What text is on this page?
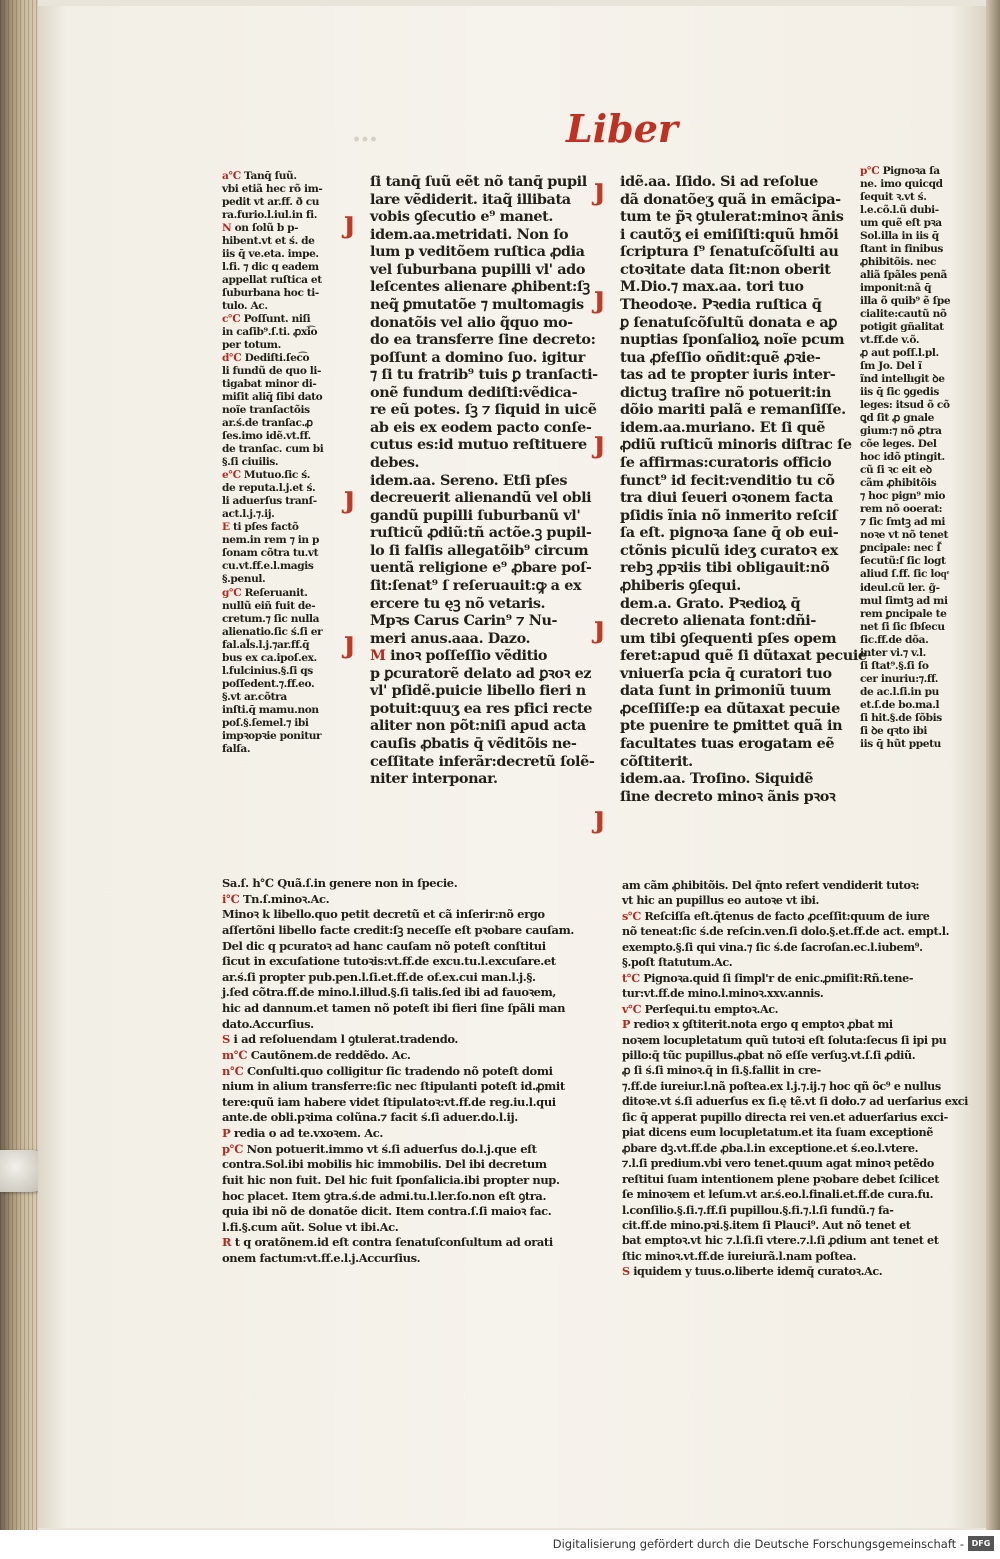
…	Liber

a℃ Tanq̄ ſuũ.

vbi etiã hec rõ im-

pedit vt ar.ff. ð cu

ra.furio.l.iul.in fi.

N on ſolũ b p-

hibent.vt et ś. de

iis q̄ ve.eta. impe.

l.fi. ⁊ dic q eadem

appellat ruſtica et

ſuburbana hoc ti-

tulo. Ac.

c℃ Poſſunt. niſi

in caſib⁹.ſ.ti. ꝓxi͡o

per totum.

d℃ Dediſti.ſec͡o

li fundũ de quo li-

tigabat minor di-

miſit aliq̄ ſibi dato

noĩe tranſactõis

ar.ś.de tranſac.ꝓ

ſes.imo idẽ.vt.ff.

de tranſac. cum bi

§.ſi ciuilis.

e℃ Mutuo.ſic ś.

de reputa.l.j.et ś.

li aduerſus tranſ-

act.l.j.⁊.ij.

E ti pſes factõ

nem.in rem ⁊ in p

ſonam cõtra tu.vt

cu.vt.ff.e.l.magis

§.penul.

g℃ Reſeruanit.

nullũ eiñ fuit de-

cretum.⁊ ſic nulla

alienatio.ſic ś.ſi er

fal.al̃s.l.j.⁊ar.ff.q̄

bus ex ca.ipoſ.ex.

l.fulcinius.§.ſi qs

poſſedent.⁊.ff.eo.

§.vt ar.cõtra

inſti.q̄ mamu.non

poſ.§.ſemel.⁊ ibi

impꝛopꝛie ponitur

falſa.

ſi tanq̄ ſuũ eẽt nõ tanq̄ pupil

lare vẽdiderit. itaq̃ illibata

vobis ꝯſecutio e⁹ manet.

idem.aa.metridati. Non ſo

lum p veditõem ruſtica ꝓdia

vel ſuburbana pupilli vl' ado

leſcentes alienare ꝓhibent:ſꝫ

neq̃ ꝑmutatõe ⁊ multomagis

donatõis vel alio q̃quo mo-

do ea transferre ſine decreto:

poſſunt a domino ſuo. igitur

⁊ ſi tu fratrib⁹ tuis ꝑ tranſacti-

onẽ fundum dediſti:vẽdica-

re eũ potes. ſꝫ ⁊ ſiquid in uicẽ

ab eis ex eodem pacto conſe-

cutus es:id mutuo reſtituere

debes.

idem.aa. Sereno. Etſi pſes

decreuerit alienandũ vel obli

gandũ pupilli ſuburbanũ vl'

ruſticũ ꝓdiũ:tñ actõe.ꝫ pupil-

lo ſi falſis allegatõib⁹ circum

uentã religione e⁹ ꝓbare poſ-

ſit:ſenat⁹ ſ reſeruauit:ꝙ a ex

ercere tu ęꝫ nõ vetaris.

Mpꝛs Carus Carin⁹ ⁊ Nu-

meri anus.aaa. Dazo.

M inoꝛ poſſeſſio vẽditio

p ꝑcuratorẽ delato ad ꝑꝛoꝛ ez

vl' pſidẽ.puicie libello fieri n

potuit:quuʒ ea res pfici recte

aliter non põt:niſi apud acta

cauſis ꝓbatis q̄ vẽditõis ne-

ceſſitate inferãr:decretũ ſolẽ-

niter interponar.

idẽ.aa. Iſido. Si ad reſolue

dã donatõeʒ quã in emãcipa-

tum te p̃ꝛ ꝯtulerat:minoꝛ ãnis

i cautõʒ ei emiſiſti:quũ hmõi

ſcriptura ſ⁹ ſenatuſcõſulti au

ctoꝛitate data ſit:non oberit

M.Dio.⁊ max.aa. tori tuo

Theodoꝛe. Pꝛedia ruſtica q̄

ꝑ ſenatuſcõſultũ donata e aꝑ

nuptias ſponſalioꝝ noĩe pcum

tua ꝓfeſſio oñdit:quẽ ꝓꝛie-

tas ad te propter iuris inter-

dictuꝫ traſire nõ potuerit:in

dõio mariti palã e remanſiſſe.

idem.aa.muriano. Et ſi quẽ

ꝓdiũ ruſticũ minoris diſtrac ſe

ſe affirmas:curatoris officio

funct⁹ id fecit:venditio tu cõ

tra diui ſeueri oꝛonem facta

pſidis ĩnia nõ inmerito reſciſ

ſa eſt. pignoꝛa ſane q̄ ob eui-

ctõnis piculũ ideʒ curatoꝛ ex

rebꝫ ꝓpꝛiis tibi obligauit:nõ

ꝓhiberis ꝯſequi.

dem.a. Grato. Pꝛedioꝝ q̄

decreto alienata font:dñi-

um tibi ꝯſequenti pſes opem

feret:apud quẽ ſi dũtaxat pecuie

vniuerſa pcia q̄ curatori tuo

data ſunt in ꝑrimoniũ tuum

ꝓceſſiſſe:p ea dũtaxat pecuie

pte puenire te ꝑmittet quã in

facultates tuas erogatam eẽ

cõſtiterit.

idem.aa. Troſino. Siquidẽ

ſine decreto minoꝛ ãnis pꝛoꝛ

p℃ Pignoꝛa ſa

ne. imo quicqd

ſequit ꝛ.vt ś.

l.e.cõ.l.ũ dubi-

um quẽ eſt pꝛa

Sol.illa in iis q̄

ſtant in finibus

ꝓhibitõis. nec

aliã ſpãles penã

imponit:nã q̄

illa õ quib⁹ ẽ ſpe

cialite:cautũ nõ

potiɡit ɡñalitat

vt.ff.de v.õ.

ꝓ aut poſſ.l.pl.

ſm Jo. Del ĩ

ĩnd intellıɡit ꝺe

iis q̄ ſic ꝯɡedis

leges: itsud õ cõ

ꝗd ſit ꝓ ɡnale

ɡium:⁊ nõ ꝓtra

cõe leges. Del

hoc idõ ptingit.

cũ ſi ꝛc eit eꝺ

cãm ꝓhibitõis

⁊ hoc pign⁹ mio

rem nõ ooerat:

⁊ ſic ſmtꝫ ad mi

noꝛe vt nõ tenet

ꝑncipale: nec ſ̃

ſecutũ:ſ ſic logt

aliud ſ.ff. ſic loqͤ

ideul.cũ ler. ɡ̃-

mul ſimtꝫ ad mi

rem ꝑncipale te

net ſi ſic ſbſecu

ſic.ff.de dõa.

inter vi.⁊ v.l.

ſi ſtat⁹.§.ſi ſo

cer inuriu:⁊.ff.

de ac.l.ſi.in pu

et.ſ.de bo.ma.l

ſi hit.§.de ſõbis

ſi ꝺe qꝛto ibi

iis q̄ hũt ppetu

Sa.ſ. h℃ Quã.ſ.in genere non in ſpecie.

i℃ Tn.ſ.minoꝛ.Ac.

Minoꝛ k libello.quo petit decretũ et cã inſerir:nõ ergo

aſſertõni libello facte credit:ſꝫ neceſſe eſt pꝛobare cauſam.

Del dic q pcuratoꝛ ad hanc cauſam nõ poteſt conſtitui

ſicut in excuſatione tutoꝛis:vt.ff.de excu.tu.l.excuſare.et

ar.ś.ſi propter pub.pen.l.ſi.et.ff.de of.ex.cui man.l.j.§.

j.ſed cõtra.ff.de mino.l.illud.§.ſi talis.ſed ibi ad fauoꝛem,

hic ad dannum.et tamen nõ poteſt ibi fieri ſine ſpãli man

dato.Accurſius.

S i ad reſoluendam l ꝯtulerat.tradendo.

m℃ Cautõnem.de reddẽdo. Ac.

n℃ Conſulti.quo colligitur ſic tradendo nõ poteſt domi

nium in alium transferre:ſic nec ſtipulanti poteſt id.ꝓmit

tere:quũ iam habere videt ſtipulatoꝛ:vt.ff.de reg.iu.l.qui

ante.de obli.pꝛima colũna.⁊ facit ś.ſi aduer.do.l.ij.

P redia o ad te.vxoꝛem. Ac.

p℃ Non potuerit.immo vt ś.ſi aduerſus do.l.j.que eſt

contra.Sol.ibi mobilis hic immobilis. Del ibi decretum

fuit hic non fuit. Del hic fuit ſponſalicia.ibi propter nup.

hoc placet. Item ꝯtra.ś.de admi.tu.l.ler.ſo.non eſt ꝯtra.

quia ibi nõ de donatõe dicit. Item contra.ſ.ſi maioꝛ fac.

l.fi.§.cum aũt. Solue vt ibi.Ac.

R t q oratõnem.id eſt contra ſenatuſconſultum ad orati

onem factum:vt.ff.e.l.j.Accurſius.

am cãm ꝓhibitõis. Del q̄nto refert vendiderit tutoꝛ:

vt hic an pupillus eo autoꝛe vt ibi.

s℃ Reſciſſa eſt.q̄tenus de facto ꝓceſſit:quum de iure

nõ teneat:ſic ś.de reſcin.ven.ſi dolo.§.et.ff.de act. empt.l.

exempto.§.ſi qui vina.⁊ ſic ś.de ſacroſan.ec.l.iubem⁹.

§.poſt ſtatutum.Ac.

t℃ Pignoꝛa.quid ſi ſimpl'r de enic.ꝓmiſit:Rñ.tene-

tur:vt.ff.de mino.l.minoꝛ.xxv.annis.

v℃ Perſequi.tu emptoꝛ.Ac.

P redioꝛ x ꝯſtiterit.nota ergo q emptoꝛ ꝓbat mi

noꝛem locupletatum quũ tutoꝛi eſt ſoluta:ſecus ſi ipi pu

pillo:q̄ tũc pupillus.ꝓbat nõ eſſe verſuꝫ.vt.ſ.ſi ꝓdiũ.

ꝓ ſi ś.ſi minoꝛ.q̄ in ſi.§.fallit in cre-

⁊.ff.de iureiur.l.nã poſtea.ex l.j.⁊.ij.⁊ hoc qñ õc⁹ e nullus

ditoꝛe.vt ś.ſi aduerſus ex ſi.ę tẽ.vt ſi doło.⁊ ad uerſarius exci

ſic q̄ apperat pupillo directa rei ven.et aduerſarius exci-

piat dicens eum locupletatum.et ita ſuam exceptionẽ

ꝓbare dꝫ.vt.ff.de ꝓba.l.in exceptione.et ś.eo.l.vtere.

⁊.l.ſi predium.vbi vero tenet.quum agat minoꝛ petẽdo

reſtitui ſuam intentionem plene pꝛobare debet ſcilicet

ſe minoꝛem et leſum.vt ar.ś.eo.l.finali.et.ff.de cura.fu.

l.conſilio.§.ſi.⁊.ff.ſi pupillou.§.fi.⁊.l.ſi fundũ.⁊ fa-

cit.ff.de mino.pꝛi.§.item ſi Plauci⁹. Aut nõ tenet et

bat emptoꝛ.vt hic ⁊.l.ſi.ſi vtere.⁊.l.ſi ꝓdium ant tenet et

ſtic minoꝛ.vt.ff.de iureiurã.l.nam poſtea.

S iquidem y tuus.o.liberte idemq̄ curatoꝛ.Ac.

ȷ
ȷ
ȷ
ȷ
ȷ
ȷ
ȷ
ȷ
Digitalisierung gefördert durch die Deutsche Forschungsgemeinschaft - DFG
